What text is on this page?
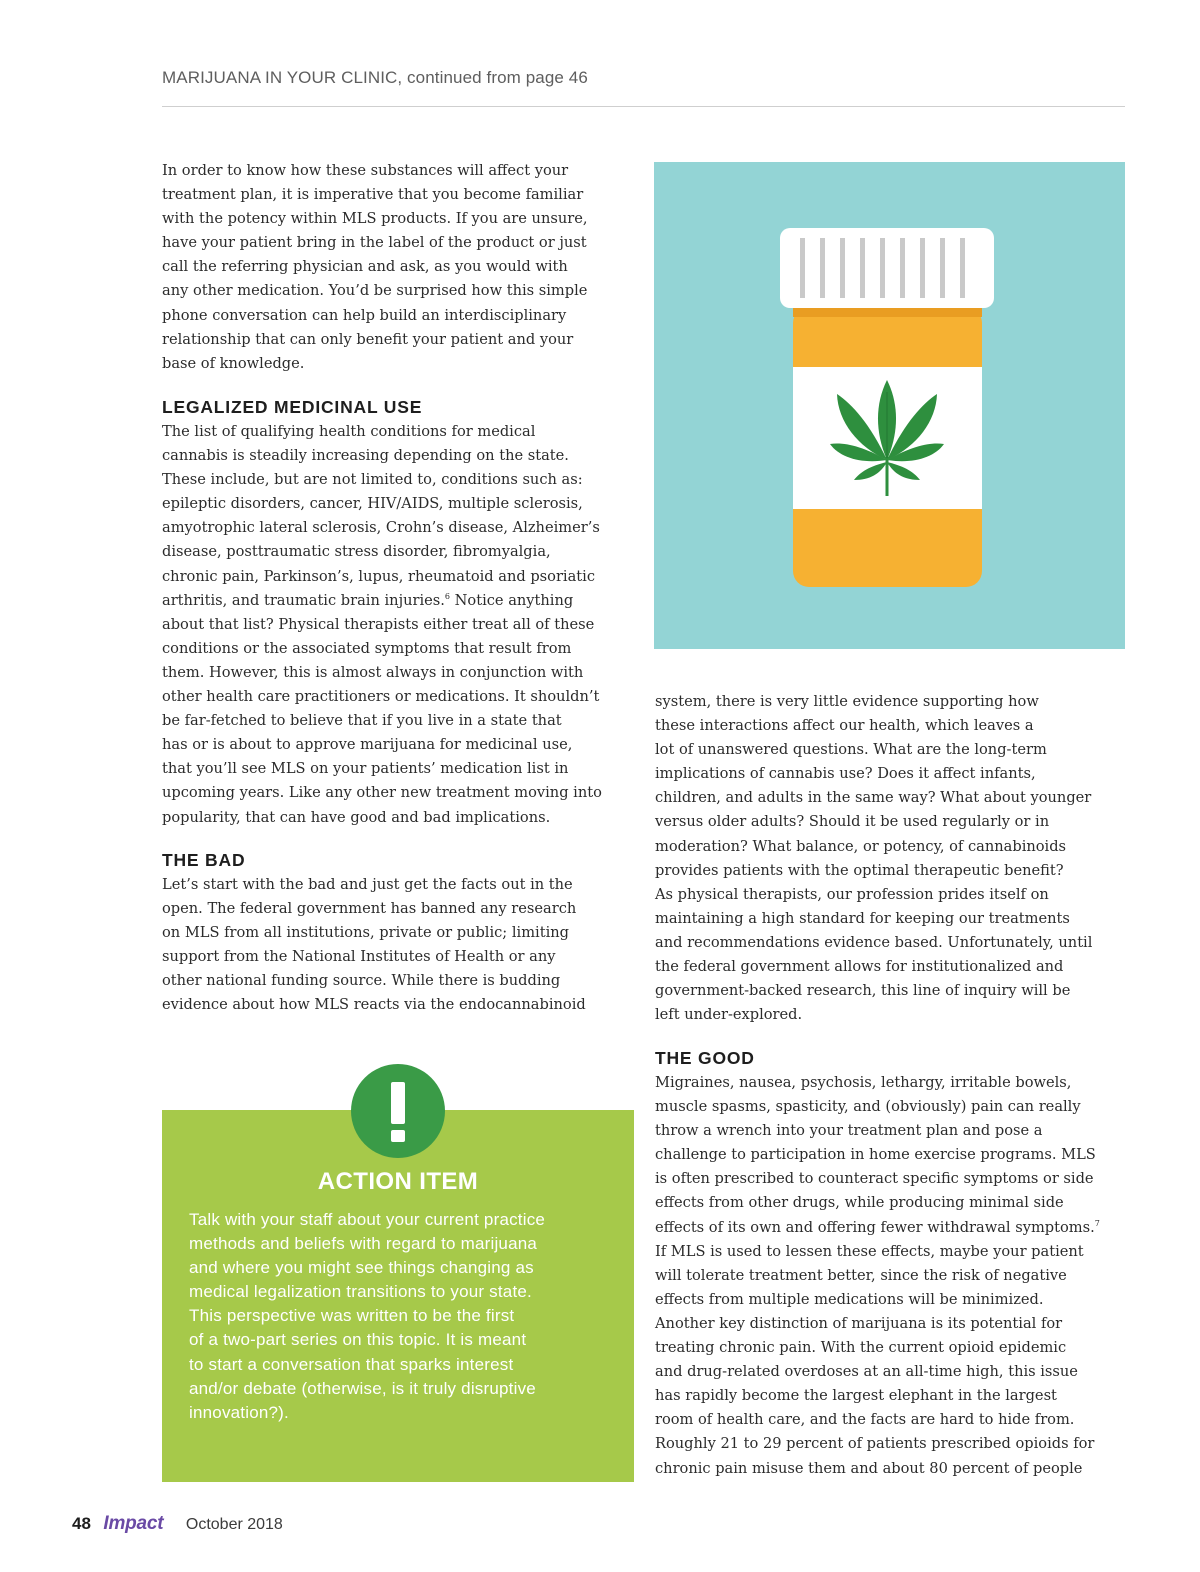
MARIJUANA IN YOUR CLINIC, continued from page 46

In order to know how these substances will affect your
treatment plan, it is imperative that you become familiar
with the potency within MLS products. If you are unsure,
have your patient bring in the label of the product or just
call the referring physician and ask, as you would with
any other medication. You’d be surprised how this simple
phone conversation can help build an interdisciplinary
relationship that can only benefit your patient and your
base of knowledge.

LEGALIZED MEDICINAL USE

The list of qualifying health conditions for medical
cannabis is steadily increasing depending on the state.
These include, but are not limited to, conditions such as:
epileptic disorders, cancer, HIV/AIDS, multiple sclerosis,
amyotrophic lateral sclerosis, Crohn’s disease, Alzheimer’s
disease, posttraumatic stress disorder, fibromyalgia,
chronic pain, Parkinson’s, lupus, rheumatoid and psoriatic
arthritis, and traumatic brain injuries.$^6$ Notice anything
about that list? Physical therapists either treat all of these
conditions or the associated symptoms that result from
them. However, this is almost always in conjunction with
other health care practitioners or medications. It shouldn’t
be far-fetched to believe that if you live in a state that
has or is about to approve marijuana for medicinal use,
that you’ll see MLS on your patients’ medication list in
upcoming years. Like any other new treatment moving into
popularity, that can have good and bad implications.

THE BAD

Let’s start with the bad and just get the facts out in the
open. The federal government has banned any research
on MLS from all institutions, private or public; limiting
support from the National Institutes of Health or any
other national funding source. While there is budding
evidence about how MLS reacts via the endocannabinoid

system, there is very little evidence supporting how
these interactions affect our health, which leaves a
lot of unanswered questions. What are the long-term
implications of cannabis use? Does it affect infants,
children, and adults in the same way? What about younger
versus older adults? Should it be used regularly or in
moderation? What balance, or potency, of cannabinoids
provides patients with the optimal therapeutic benefit?
As physical therapists, our profession prides itself on
maintaining a high standard for keeping our treatments
and recommendations evidence based. Unfortunately, until
the federal government allows for institutionalized and
government-backed research, this line of inquiry will be
left under-explored.

THE GOOD

Migraines, nausea, psychosis, lethargy, irritable bowels,
muscle spasms, spasticity, and (obviously) pain can really
throw a wrench into your treatment plan and pose a
challenge to participation in home exercise programs. MLS
is often prescribed to counteract specific symptoms or side
effects from other drugs, while producing minimal side
effects of its own and offering fewer withdrawal symptoms.$^7$
If MLS is used to lessen these effects, maybe your patient
will tolerate treatment better, since the risk of negative
effects from multiple medications will be minimized.
Another key distinction of marijuana is its potential for
treating chronic pain. With the current opioid epidemic
and drug-related overdoses at an all-time high, this issue
has rapidly become the largest elephant in the largest
room of health care, and the facts are hard to hide from.
Roughly 21 to 29 percent of patients prescribed opioids for
chronic pain misuse them and about 80 percent of people

ACTION ITEM

Talk with your staff about your current practice
methods and beliefs with regard to marijuana
and where you might see things changing as
medical legalization transitions to your state.
This perspective was written to be the first
of a two-part series on this topic. It is meant
to start a conversation that sparks interest
and/or debate (otherwise, is it truly disruptive
innovation?).

48 Impact October 2018
